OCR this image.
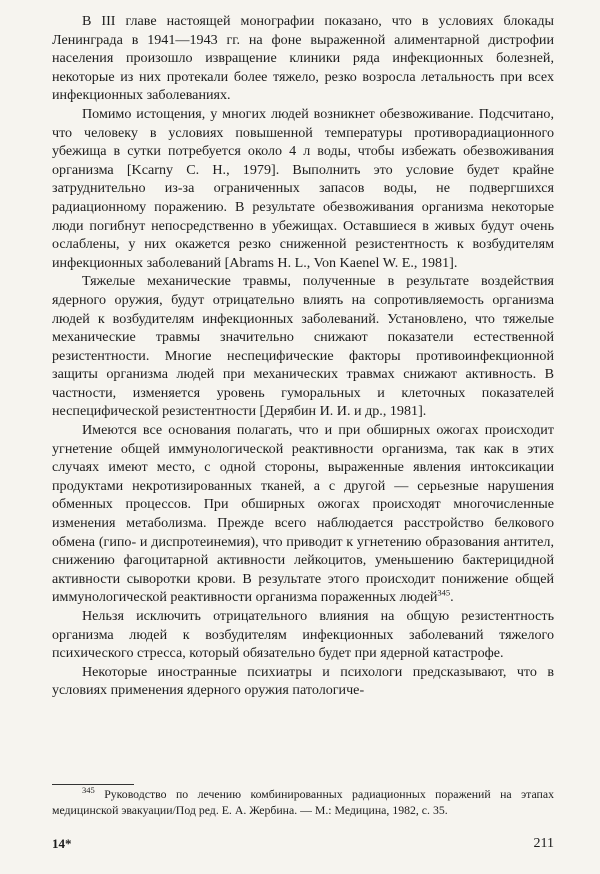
В III главе настоящей монографии показано, что в условиях блокады Ленинграда в 1941—1943 гг. на фоне выраженной алиментарной дистрофии населения произошло извращение клиники ряда инфекционных болезней, некоторые из них протекали более тяжело, резко возросла летальность при всех инфекционных заболеваниях.

Помимо истощения, у многих людей возникнет обезвоживание. Подсчитано, что человеку в условиях повышенной температуры противорадиационного убежища в сутки потребуется около 4 л воды, чтобы избежать обезвоживания организма [Kcarny C. H., 1979]. Выполнить это условие будет крайне затруднительно из-за ограниченных запасов воды, не подвергшихся радиационному поражению. В результате обезвоживания организма некоторые люди погибнут непосредственно в убежищах. Оставшиеся в живых будут очень ослаблены, у них окажется резко сниженной резистентность к возбудителям инфекционных заболеваний [Abrams H. L., Von Kaenel W. E., 1981].

Тяжелые механические травмы, полученные в результате воздействия ядерного оружия, будут отрицательно влиять на сопротивляемость организма людей к возбудителям инфекционных заболеваний. Установлено, что тяжелые механические травмы значительно снижают показатели естественной резистентности. Многие неспецифические факторы противоинфекционной защиты организма людей при механических травмах снижают активность. В частности, изменяется уровень гуморальных и клеточных показателей неспецифической резистентности [Дерябин И. И. и др., 1981].

Имеются все основания полагать, что и при обширных ожогах происходит угнетение общей иммунологической реактивности организма, так как в этих случаях имеют место, с одной стороны, выраженные явления интоксикации продуктами некротизированных тканей, а с другой — серьезные нарушения обменных процессов. При обширных ожогах происходят многочисленные изменения метаболизма. Прежде всего наблюдается расстройство белкового обмена (гипо- и диспротеинемия), что приводит к угнетению образования антител, снижению фагоцитарной активности лейкоцитов, уменьшению бактерицидной активности сыворотки крови. В результате этого происходит понижение общей иммунологической реактивности организма пораженных людей$^{345}$.

Нельзя исключить отрицательного влияния на общую резистентность организма людей к возбудителям инфекционных заболеваний тяжелого психического стресса, который обязательно будет при ядерной катастрофе.

Некоторые иностранные психиатры и психологи предсказывают, что в условиях применения ядерного оружия патологиче-

$^{345}$ Руководство по лечению комбинированных радиационных поражений на этапах медицинской эвакуации/Под ред. Е. А. Жербина. — М.: Медицина, 1982, с. 35.

14*	211
